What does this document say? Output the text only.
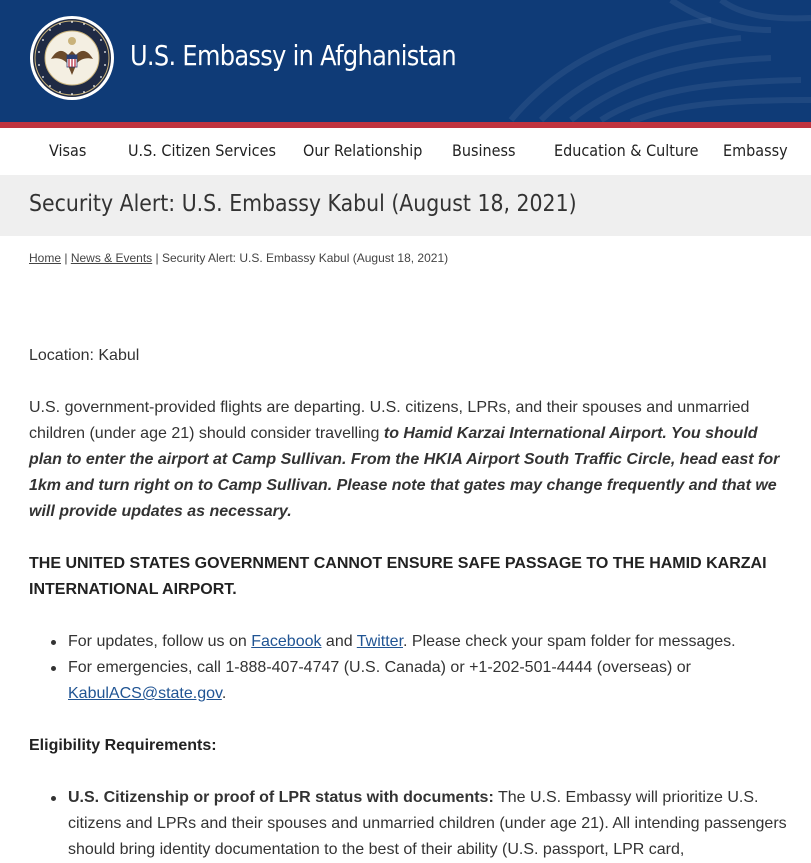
U.S. Embassy in Afghanistan
Visas	U.S. Citizen Services Our Relationship Business Education & Culture Embassy
Security Alert: U.S. Embassy Kabul (August 18, 2021)
Home | News & Events | Security Alert: U.S. Embassy Kabul (August 18, 2021)

Location: Kabul

U.S. government-provided flights are departing. U.S. citizens, LPRs, and their spouses and unmarried children (under age 21) should consider travelling to Hamid Karzai International Airport. You should plan to enter the airport at Camp Sullivan. From the HKIA Airport South Traffic Circle, head east for 1km and turn right on to Camp Sullivan. Please note that gates may change frequently and that we will provide updates as necessary.

THE UNITED STATES GOVERNMENT CANNOT ENSURE SAFE PASSAGE TO THE HAMID KARZAI INTERNATIONAL AIRPORT.

For updates, follow us on Facebook and Twitter. Please check your spam folder for messages.
For emergencies, call 1-888-407-4747 (U.S. Canada) or +1-202-501-4444 (overseas) or KabulACS@state.gov.

Eligibility Requirements:

U.S. Citizenship or proof of LPR status with documents: The U.S. Embassy will prioritize U.S. citizens and LPRs and their spouses and unmarried children (under age 21). All intending passengers should bring identity documentation to the best of their ability (U.S. passport, LPR card,
